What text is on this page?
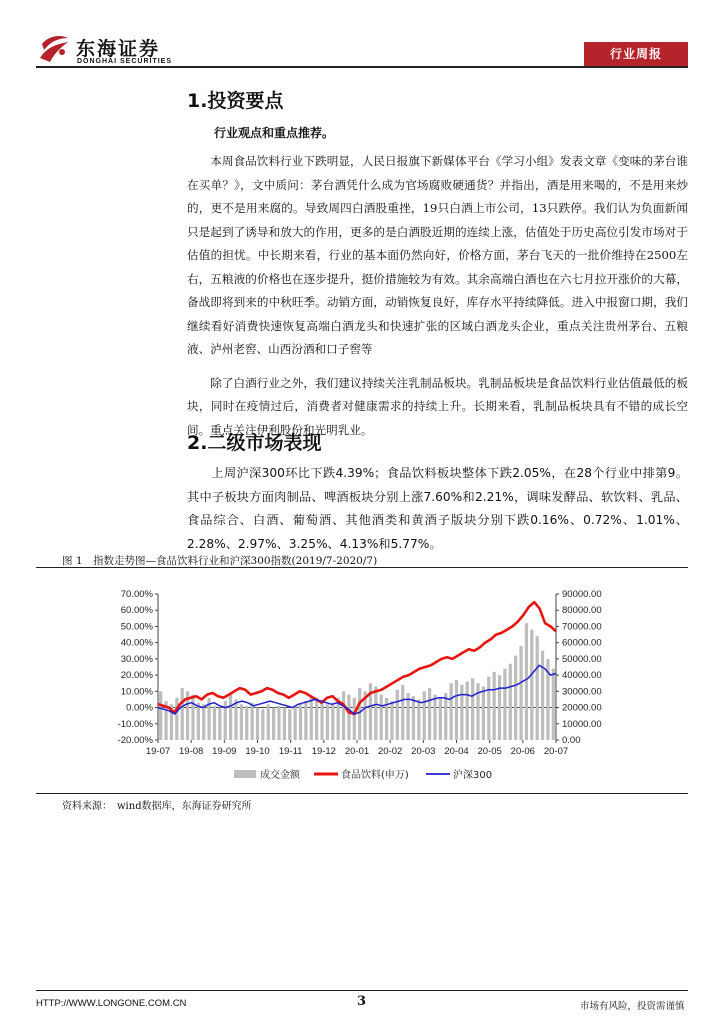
东海证券
DONGHAI SECURITIES
行业周报
1.投资要点
行业观点和重点推荐。

本周食品饮料行业下跌明显，人民日报旗下新媒体平台《学习小组》发表文章《变味的茅台谁在买单？》，文中质问：茅台酒凭什么成为官场腐败硬通货？并指出，酒是用来喝的，不是用来炒的，更不是用来腐的。导致周四白酒股重挫，19只白酒上市公司，13只跌停。我们认为负面新闻只是起到了诱导和放大的作用，更多的是白酒股近期的连续上涨，估值处于历史高位引发市场对于估值的担忧。中长期来看，行业的基本面仍然向好，价格方面，茅台飞天的一批价维持在2500左右，五粮液的价格也在逐步提升，挺价措施较为有效。其余高端白酒也在六七月拉开涨价的大幕，备战即将到来的中秋旺季。动销方面，动销恢复良好，库存水平持续降低。进入中报窗口期，我们继续看好消费快速恢复高端白酒龙头和快速扩张的区域白酒龙头企业，重点关注贵州茅台、五粮液、泸州老窖、山西汾酒和口子窖等

除了白酒行业之外，我们建议持续关注乳制品板块。乳制品板块是食品饮料行业估值最低的板块，同时在疫情过后，消费者对健康需求的持续上升。长期来看，乳制品板块具有不错的成长空间。重点关注伊利股份和光明乳业。

2.二级市场表现

上周沪深300环比下跌4.39%；食品饮料板块整体下跌2.05%，在28个行业中排第9。其中子板块方面肉制品、啤酒板块分别上涨7.60%和2.21%，调味发酵品、软饮料、乳品、食品综合、白酒、葡萄酒、其他酒类和黄酒子版块分别下跌0.16%、0.72%、1.01%、2.28%、2.97%、3.25%、4.13%和5.77%。

图 1　指数走势图—食品饮料行业和沪深300指数(2019/7-2020/7)
70.00%
60.00%
50.00%
40.00%
30.00%
20.00%
10.00%
0.00%
-10.00%
-20.00%
90000.00
80000.00
70000.00
60000.00
50000.00
40000.00
30000.00
20000.00
10000.00
0.00
19-07 19-08 19-09 19-10 19-11 19-12 20-01 20-02 20-03 20-04 20-05 20-06 20-07
成交金额	食品饮料(申万)	沪深300
资料来源：　wind数据库，东海证券研究所
HTTP://WWW.LONGONE.COM.CN	3	市场有风险，投资需谨慎
